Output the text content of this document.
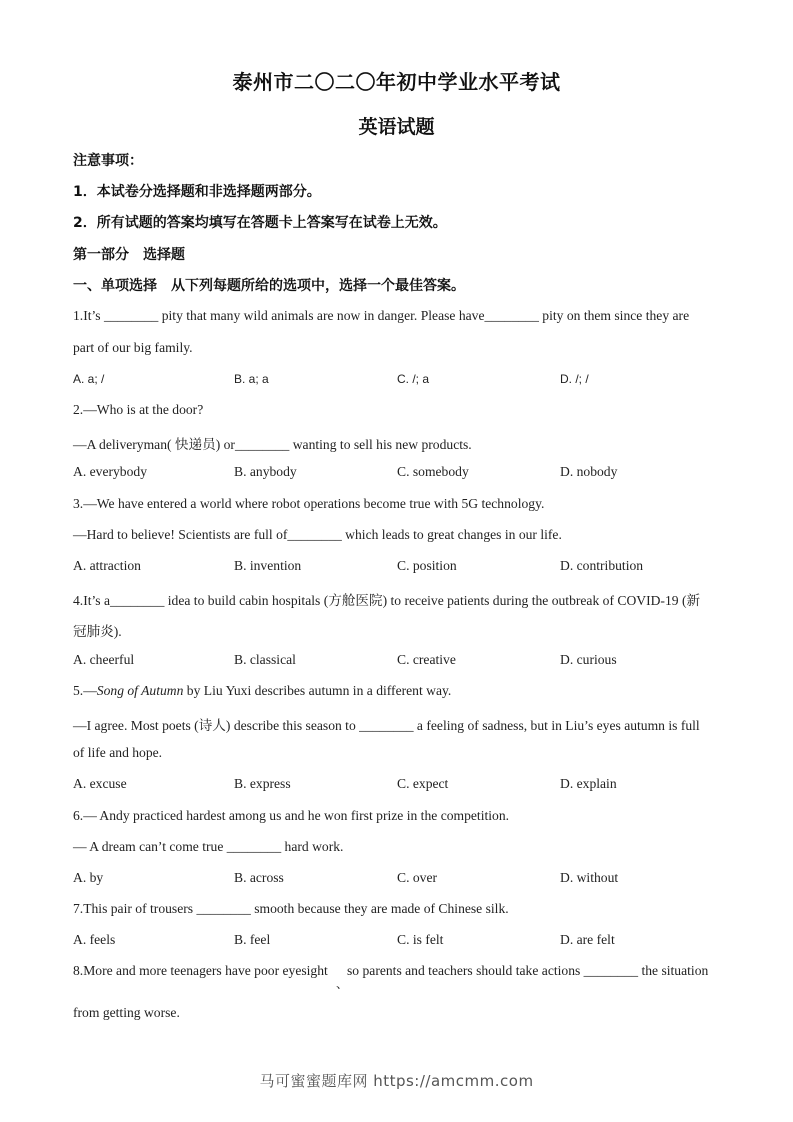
泰州市二〇二〇年初中学业水平考试
英语试题
注意事项：
1．本试卷分选择题和非选择题两部分。
2．所有试题的答案均填写在答题卡上答案写在试卷上无效。
第一部分　选择题
一、单项选择　从下列每题所给的选项中，选择一个最佳答案。
1.It’s ________ pity that many wild animals are now in danger. Please have________ pity on them since they are
part of our big family.
A. a; /	B. a; a	C. /; a	D. /; /
2.—Who is at the door?
—A deliveryman( 快递员) or________ wanting to sell his new products.
A. everybody	B. anybody	C. somebody	D. nobody
3.—We have entered a world where robot operations become true with 5G technology.
—Hard to believe! Scientists are full of________ which leads to great changes in our life.
A. attraction	B. invention	C. position	D. contribution
4.It’s a________ idea to build cabin hospitals (方舱医院) to receive patients during the outbreak of COVID-19 (新
冠肺炎).
A. cheerful	B. classical	C. creative	D. curious
5.—Song of Autumn by Liu Yuxi describes autumn in a different way.
—I agree. Most poets (诗人) describe this season to ________ a feeling of sadness, but in Liu’s eyes autumn is full
of life and hope.
A. excuse	B. express	C. expect	D. explain
6.— Andy practiced hardest among us and he won first prize in the competition.
— A dream can’t come true ________ hard work.
A. by	B. across	C. over	D. without
7.This pair of trousers ________ smooth because they are made of Chinese silk.
A. feels	B. feel	C. is felt	D. are felt
8.More and more teenagers have poor eyesight
、
so parents and teachers should take actions ________ the situation
from getting worse.
马可蜜蜜题库网 https://amcmm.com
